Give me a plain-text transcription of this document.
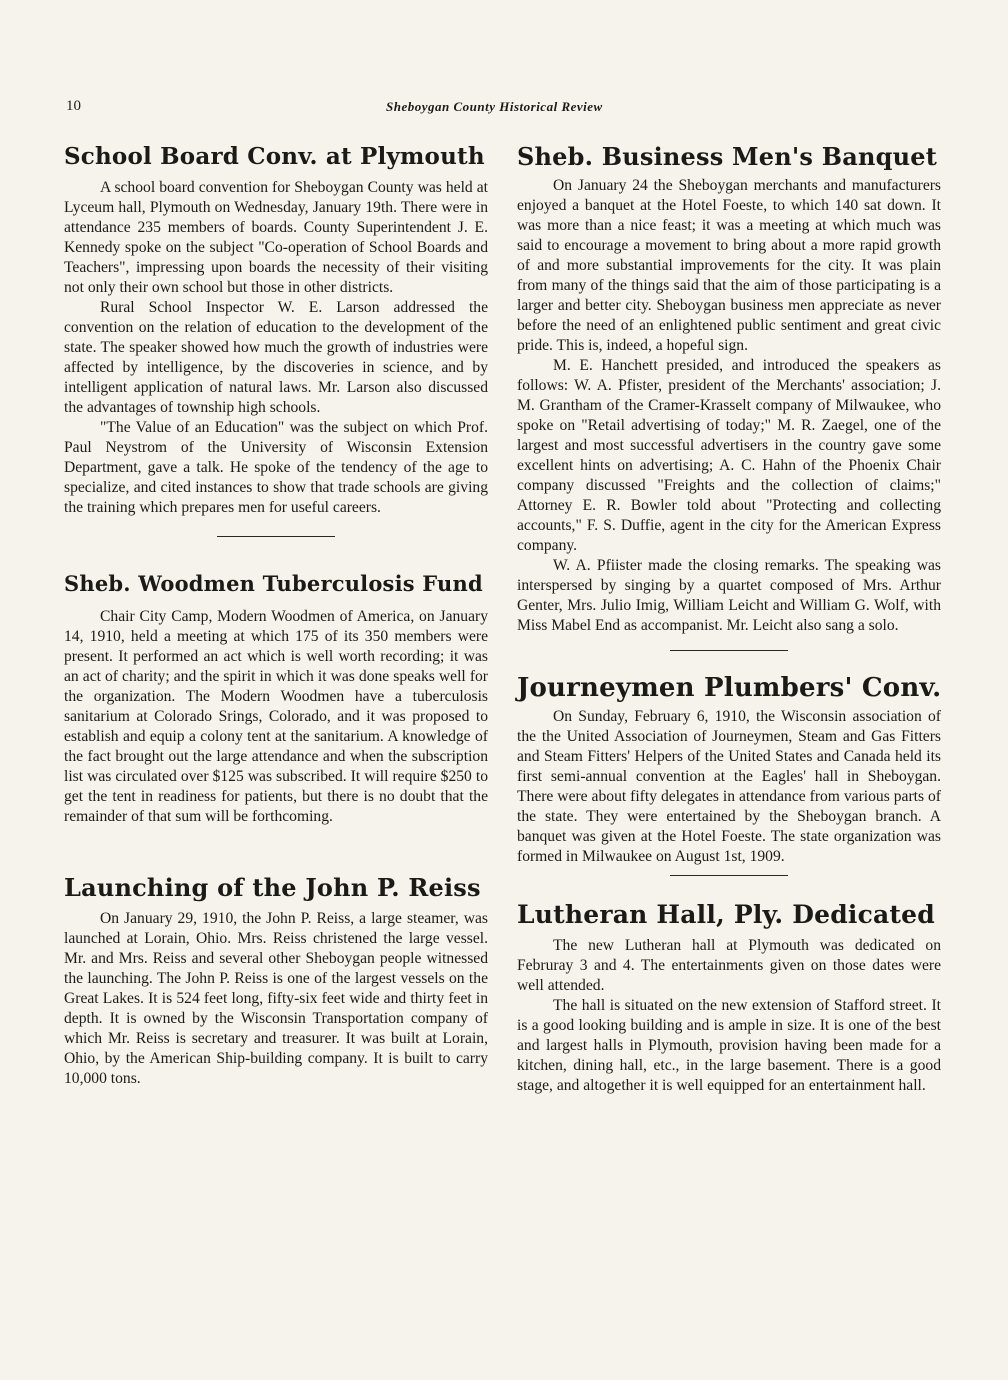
10	Sheboygan County Historical Review
School Board Conv. at Plymouth

A school board convention for Sheboygan County was held at Lyceum hall, Plymouth on Wednesday, January 19th. There were in attendance 235 members of boards. County Superintendent J. E. Kennedy spoke on the subject "Co-operation of School Boards and Teachers", impressing upon boards the necessity of their visiting not only their own school but those in other districts.

Rural School Inspector W. E. Larson addressed the convention on the relation of education to the development of the state. The speaker showed how much the growth of industries were affected by intelligence, by the discoveries in science, and by intelligent application of natural laws. Mr. Larson also discussed the advantages of township high schools.

"The Value of an Education" was the subject on which Prof. Paul Neystrom of the University of Wisconsin Extension Department, gave a talk. He spoke of the tendency of the age to specialize, and cited instances to show that trade schools are giving the training which prepares men for useful careers.

Sheb. Woodmen Tuberculosis Fund

Chair City Camp, Modern Woodmen of America, on January 14, 1910, held a meeting at which 175 of its 350 members were present. It performed an act which is well worth recording; it was an act of charity; and the spirit in which it was done speaks well for the organization. The Modern Woodmen have a tuberculosis sanitarium at Colorado Srings, Colorado, and it was proposed to establish and equip a colony tent at the sanitarium. A knowledge of the fact brought out the large attendance and when the subscription list was circulated over $125 was subscribed. It will require $250 to get the tent in readiness for patients, but there is no doubt that the remainder of that sum will be forthcoming.

Launching of the John P. Reiss

On January 29, 1910, the John P. Reiss, a large steamer, was launched at Lorain, Ohio. Mrs. Reiss christened the large vessel. Mr. and Mrs. Reiss and several other Sheboygan people witnessed the launching. The John P. Reiss is one of the largest vessels on the Great Lakes. It is 524 feet long, fifty-six feet wide and thirty feet in depth. It is owned by the Wisconsin Transportation company of which Mr. Reiss is secretary and treasurer. It was built at Lorain, Ohio, by the American Ship-building company. It is built to carry 10,000 tons.

Sheb. Business Men's Banquet

On January 24 the Sheboygan merchants and manufacturers enjoyed a banquet at the Hotel Foeste, to which 140 sat down. It was more than a nice feast; it was a meeting at which much was said to encourage a movement to bring about a more rapid growth of and more substantial improvements for the city. It was plain from many of the things said that the aim of those participating is a larger and better city. Sheboygan business men appreciate as never before the need of an enlightened public sentiment and great civic pride. This is, indeed, a hopeful sign.

M. E. Hanchett presided, and introduced the speakers as follows: W. A. Pfister, president of the Merchants' association; J. M. Grantham of the Cramer-Krasselt company of Milwaukee, who spoke on "Retail advertising of today;" M. R. Zaegel, one of the largest and most successful advertisers in the country gave some excellent hints on advertising; A. C. Hahn of the Phoenix Chair company discussed "Freights and the collection of claims;" Attorney E. R. Bowler told about "Protecting and collecting accounts," F. S. Duffie, agent in the city for the American Express company.

W. A. Pfiister made the closing remarks. The speaking was interspersed by singing by a quartet composed of Mrs. Arthur Genter, Mrs. Julio Imig, William Leicht and William G. Wolf, with Miss Mabel End as accompanist. Mr. Leicht also sang a solo.

Journeymen Plumbers' Conv.

On Sunday, February 6, 1910, the Wisconsin association of the the United Association of Journeymen, Steam and Gas Fitters and Steam Fitters' Helpers of the United States and Canada held its first semi-annual convention at the Eagles' hall in Sheboygan. There were about fifty delegates in attendance from various parts of the state. They were entertained by the Sheboygan branch. A banquet was given at the Hotel Foeste. The state organization was formed in Milwaukee on August 1st, 1909.

Lutheran Hall, Ply. Dedicated

The new Lutheran hall at Plymouth was dedicated on Februray 3 and 4. The entertainments given on those dates were well attended.

The hall is situated on the new extension of Stafford street. It is a good looking building and is ample in size. It is one of the best and largest halls in Plymouth, provision having been made for a kitchen, dining hall, etc., in the large basement. There is a good stage, and altogether it is well equipped for an entertainment hall.
